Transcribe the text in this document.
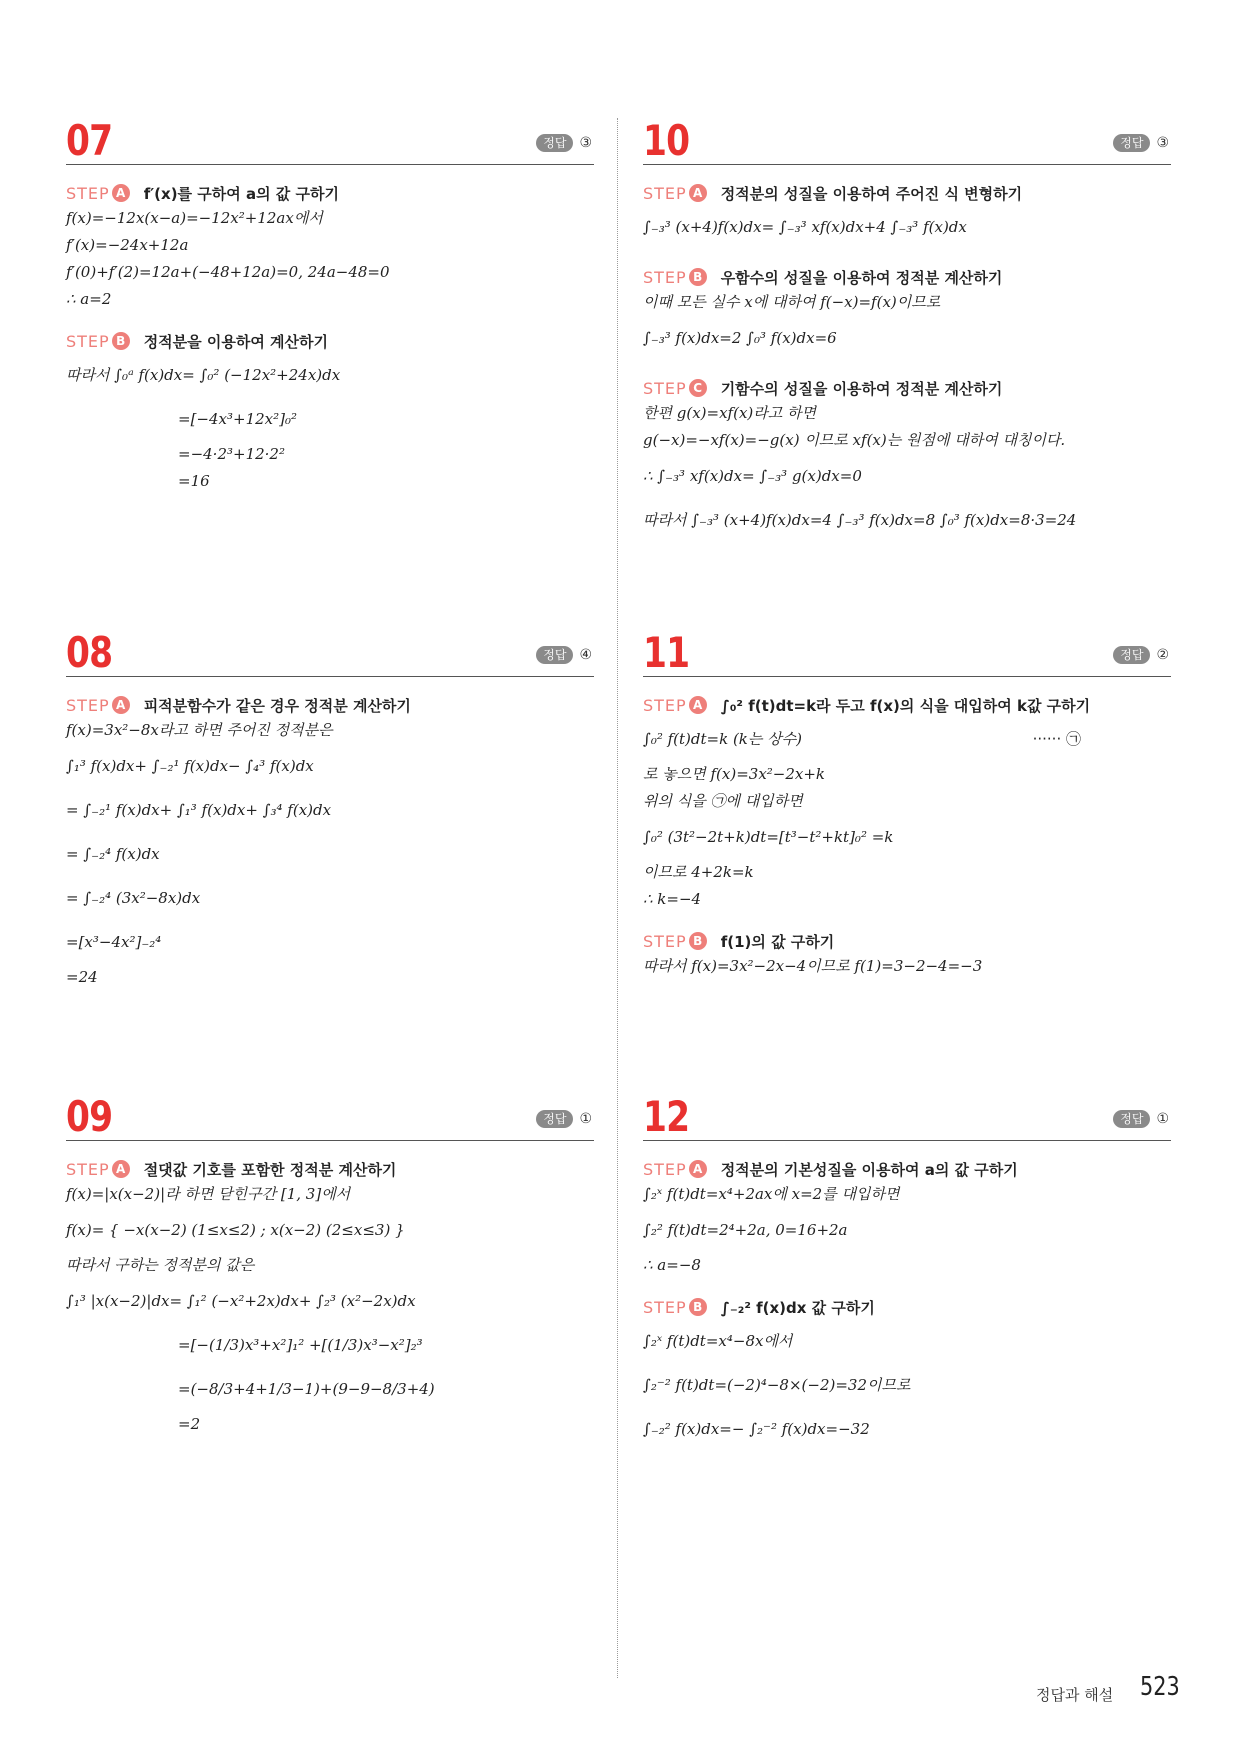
07	정답 ③
STEP A f′(x)를 구하여 a의 값 구하기
f(x)=−12x(x−a)=−12x²+12ax에서
f′(x)=−24x+12a
f′(0)+f′(2)=12a+(−48+12a)=0, 24a−48=0
∴ a=2
STEP B 정적분을 이용하여 계산하기
따라서 ∫₀ᵃ f(x)dx= ∫₀² (−12x²+24x)dx
=[−4x³+12x²]₀²
=−4·2³+12·2²
=16
08	정답 ④
STEP A 피적분함수가 같은 경우 정적분 계산하기
f(x)=3x²−8x라고 하면 주어진 정적분은
∫₁³ f(x)dx+ ∫₋₂¹ f(x)dx− ∫₄³ f(x)dx
= ∫₋₂¹ f(x)dx+ ∫₁³ f(x)dx+ ∫₃⁴ f(x)dx
= ∫₋₂⁴ f(x)dx
= ∫₋₂⁴ (3x²−8x)dx
=[x³−4x²]₋₂⁴
=24
09	정답 ①
STEP A 절댓값 기호를 포함한 정적분 계산하기
f(x)=|x(x−2)|라 하면 닫힌구간 [1, 3]에서
f(x)= { −x(x−2) (1≤x≤2) ; x(x−2) (2≤x≤3) }
따라서 구하는 정적분의 값은
∫₁³ |x(x−2)|dx= ∫₁² (−x²+2x)dx+ ∫₂³ (x²−2x)dx
=[−(1/3)x³+x²]₁² +[(1/3)x³−x²]₂³
=(−8/3+4+1/3−1)+(9−9−8/3+4)
=2
10	정답 ③
STEP A 정적분의 성질을 이용하여 주어진 식 변형하기
∫₋₃³ (x+4)f(x)dx= ∫₋₃³ xf(x)dx+4 ∫₋₃³ f(x)dx
STEP B 우함수의 성질을 이용하여 정적분 계산하기
이때 모든 실수 x에 대하여 f(−x)=f(x)이므로
∫₋₃³ f(x)dx=2 ∫₀³ f(x)dx=6
STEP C	기함수의 성질을 이용하여 정적분 계산하기
한편 g(x)=xf(x)라고 하면
g(−x)=−xf(x)=−g(x) 이므로 xf(x)는 원점에 대하여 대칭이다.
∴ ∫₋₃³ xf(x)dx= ∫₋₃³ g(x)dx=0
따라서 ∫₋₃³ (x+4)f(x)dx=4 ∫₋₃³ f(x)dx=8 ∫₀³ f(x)dx=8·3=24
11	정답 ②
STEP A ∫₀² f(t)dt=k라 두고 f(x)의 식을 대입하여 k값 구하기
∫₀² f(t)dt=k (k는 상수)	······ ㉠
로 놓으면 f(x)=3x²−2x+k
위의 식을 ㉠에 대입하면
∫₀² (3t²−2t+k)dt=[t³−t²+kt]₀² =k
이므로 4+2k=k
∴ k=−4
STEP B f(1)의 값 구하기
따라서 f(x)=3x²−2x−4이므로 f(1)=3−2−4=−3
12	정답 ①
STEP A 정적분의 기본성질을 이용하여 a의 값 구하기
∫₂ˣ f(t)dt=x⁴+2ax에 x=2를 대입하면
∫₂² f(t)dt=2⁴+2a, 0=16+2a
∴ a=−8
STEP B ∫₋₂² f(x)dx 값 구하기
∫₂ˣ f(t)dt=x⁴−8x에서
∫₂⁻² f(t)dt=(−2)⁴−8×(−2)=32이므로
∫₋₂² f(x)dx=− ∫₂⁻² f(x)dx=−32
정답과 해설 523
